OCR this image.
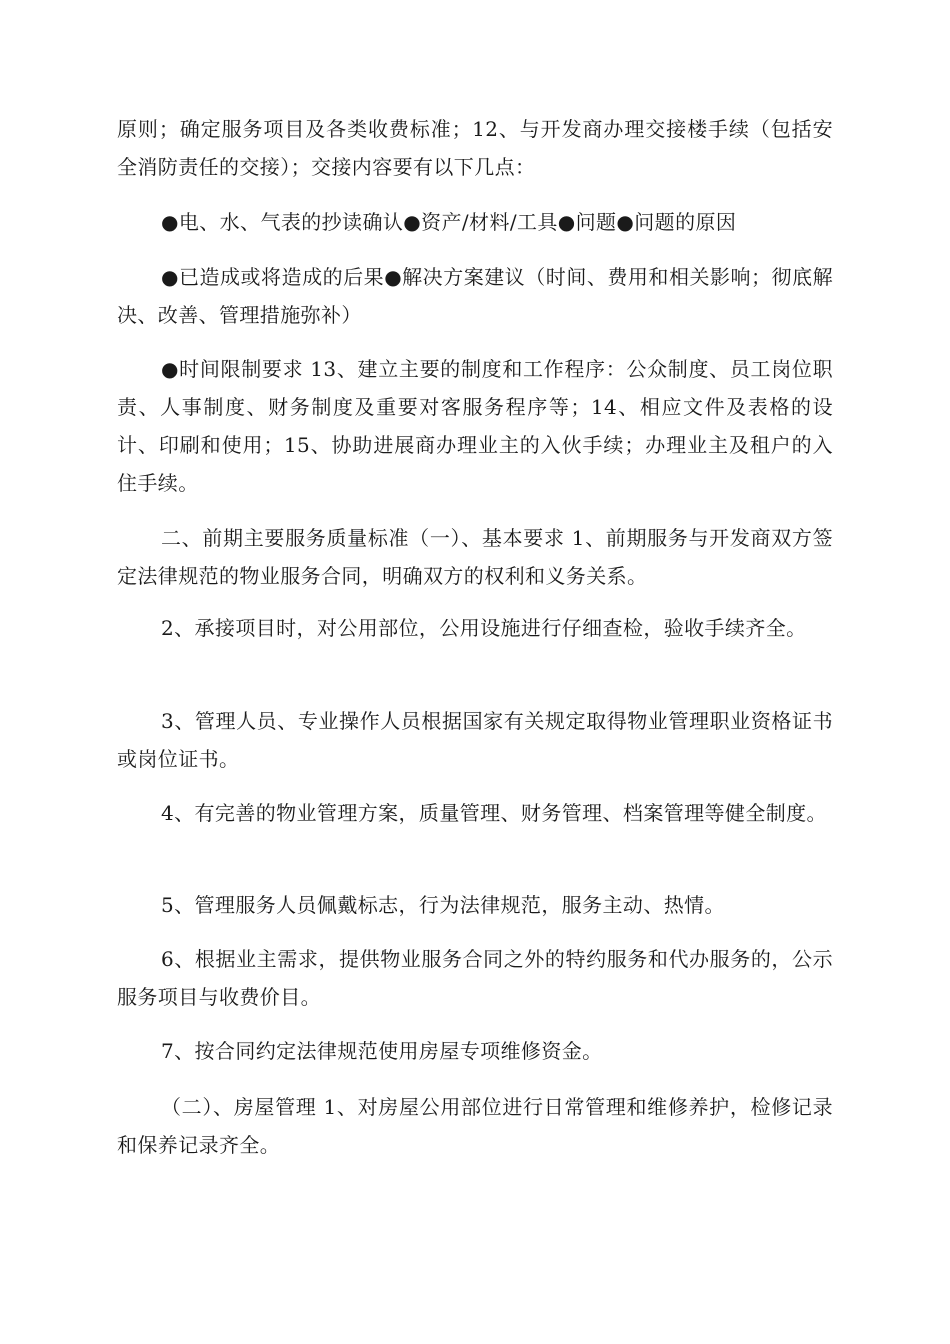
原则；确定服务项目及各类收费标准；12、与开发商办理交接楼手续（包括安全消防责任的交接）；交接内容要有以下几点：

●电、水、气表的抄读确认●资产/材料/工具●问题●问题的原因

●已造成或将造成的后果●解决方案建议（时间、费用和相关影响；彻底解决、改善、管理措施弥补）

●时间限制要求 13、建立主要的制度和工作程序：公众制度、员工岗位职责、人事制度、财务制度及重要对客服务程序等；14、相应文件及表格的设计、印刷和使用；15、协助进展商办理业主的入伙手续；办理业主及租户的入住手续。

二、前期主要服务质量标准（一）、基本要求 1、前期服务与开发商双方签定法律规范的物业服务合同，明确双方的权利和义务关系。

2、承接项目时，对公用部位，公用设施进行仔细查检，验收手续齐全。

3、管理人员、专业操作人员根据国家有关规定取得物业管理职业资格证书或岗位证书。

4、有完善的物业管理方案，质量管理、财务管理、档案管理等健全制度。

5、管理服务人员佩戴标志，行为法律规范，服务主动、热情。

6、根据业主需求，提供物业服务合同之外的特约服务和代办服务的，公示服务项目与收费价目。

7、按合同约定法律规范使用房屋专项维修资金。

（二）、房屋管理 1、对房屋公用部位进行日常管理和维修养护，检修记录和保养记录齐全。
